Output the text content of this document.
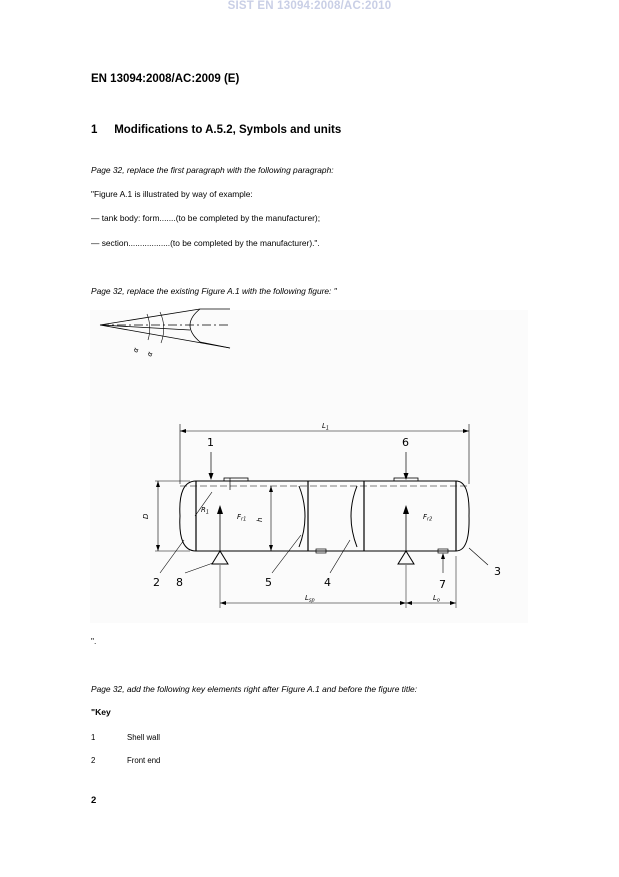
SIST EN 13094:2008/AC:2010
EN 13094:2008/AC:2009 (E)
1 Modifications to A.5.2, Symbols and units
Page 32, replace the first paragraph with the following paragraph:
"Figure A.1 is illustrated by way of example:
— tank body: form.......(to be completed by the manufacturer);
— section..................(to be completed by the manufacturer).".
Page 32, replace the existing Figure A.1 with the following figure: "
α
α
1	6
2 8	5	4	7
3
$L_1$
$L_{sp}$	$L_o$
D
h
$R_1$
$F_{r1}$	$F_{r2}$
".
Page 32, add the following key elements right after Figure A.1 and before the figure title:
"Key
1	Shell wall
2	Front end
2
